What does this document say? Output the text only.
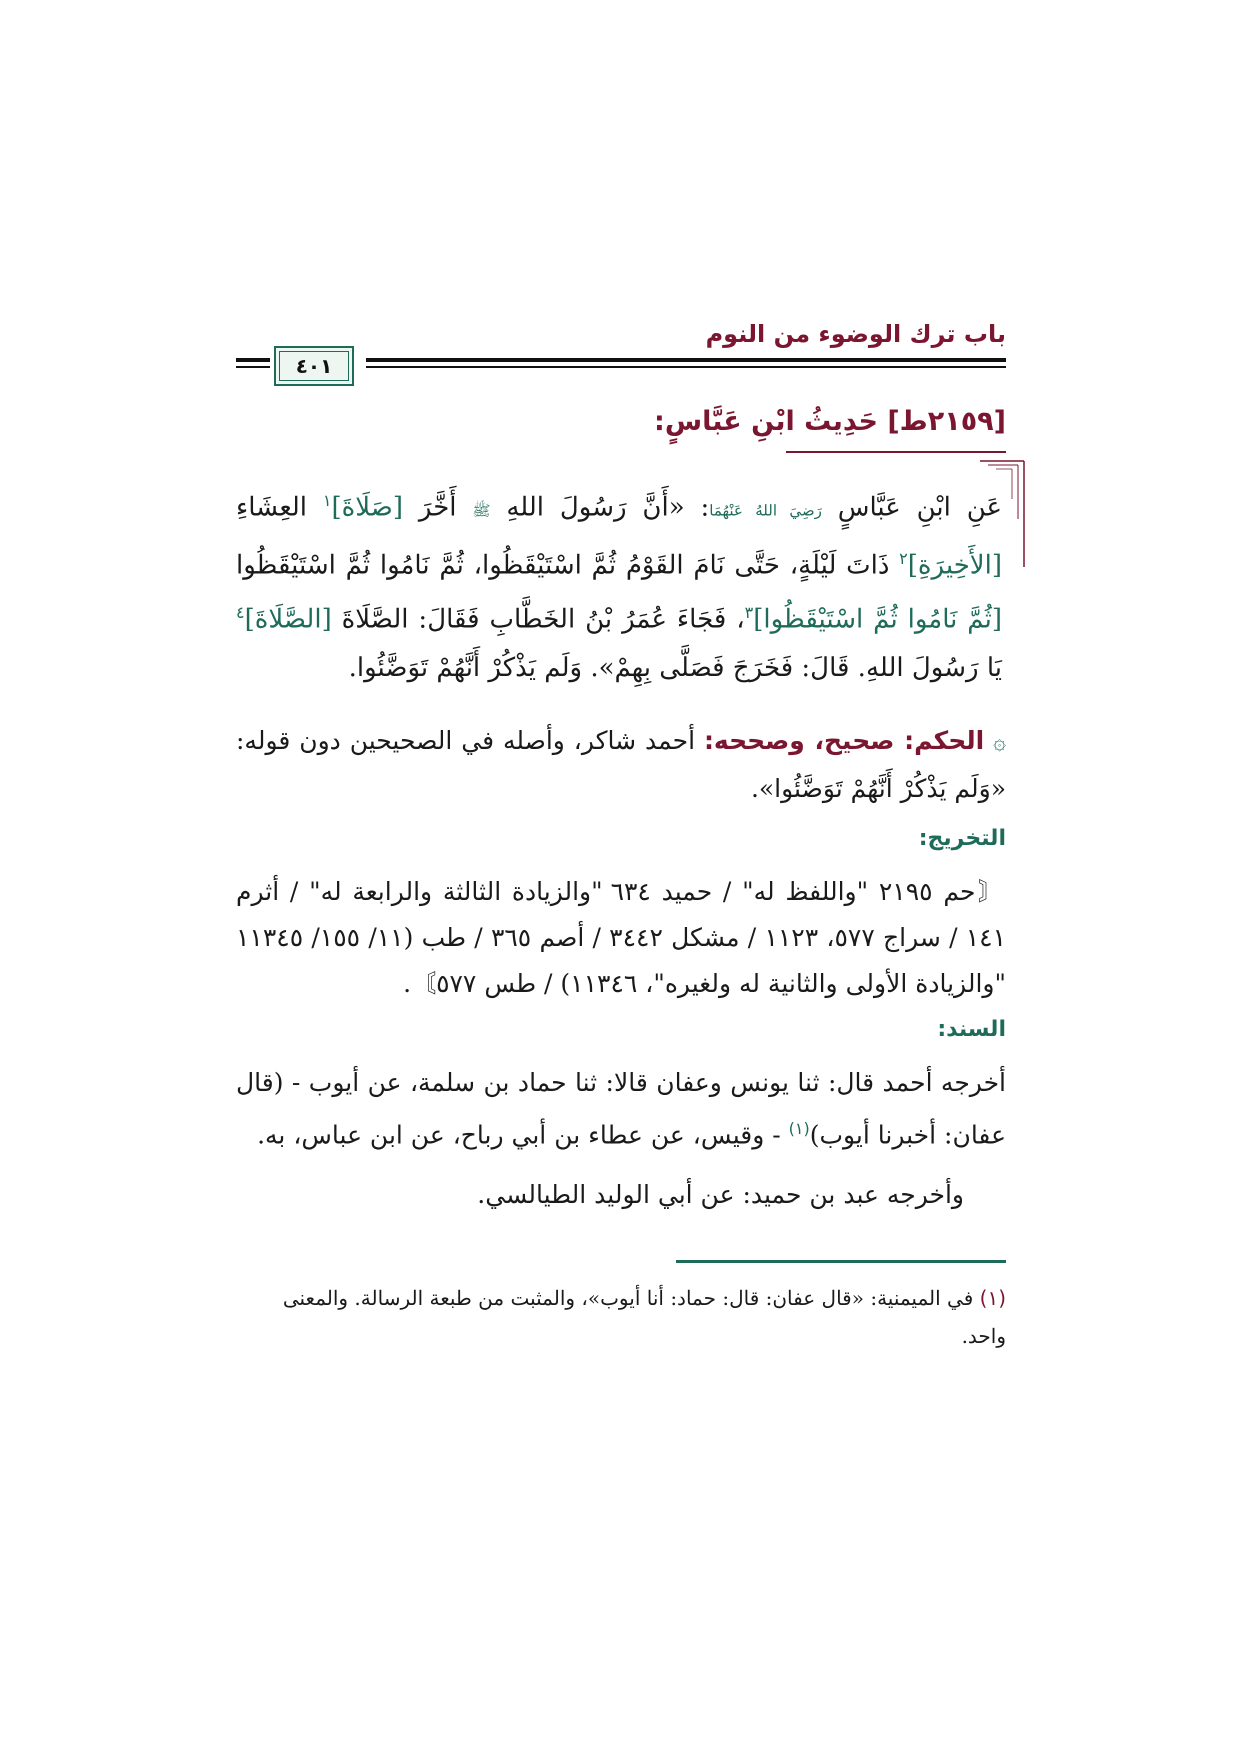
باب ترك الوضوء من النوم
٤٠١
[٢١٥٩ط] حَدِيثُ ابْنِ عَبَّاسٍ:
عَنِ ابْنِ عَبَّاسٍ رَضِيَ اللهُ عَنْهُمَا: «أَنَّ رَسُولَ اللهِ ﷺ أَخَّرَ [صَلَاةَ]$^١$ العِشَاءِ [الأَخِيرَةِ]$^٢$ ذَاتَ لَيْلَةٍ، حَتَّى نَامَ القَوْمُ ثُمَّ اسْتَيْقَظُوا، ثُمَّ نَامُوا ثُمَّ اسْتَيْقَظُوا [ثُمَّ نَامُوا ثُمَّ اسْتَيْقَظُوا]$^٣$، فَجَاءَ عُمَرُ بْنُ الخَطَّابِ فَقَالَ: الصَّلَاةَ [الصَّلَاةَ]$^٤$ يَا رَسُولَ اللهِ. قَالَ: فَخَرَجَ فَصَلَّى بِهِمْ». وَلَم يَذْكُرْ أَنَّهُمْ تَوَضَّئُوا.
۞ الحكم: صحيح، وصححه: أحمد شاكر، وأصله في الصحيحين دون قوله: «وَلَم يَذْكُرْ أَنَّهُمْ تَوَضَّئُوا».
التخريج:
〘حم ٢١٩٥ "واللفظ له" / حميد ٦٣٤ "والزيادة الثالثة والرابعة له" / أثرم ١٤١ / سراج ٥٧٧، ١١٢٣ / مشكل ٣٤٤٢ / أصم ٣٦٥ / طب (١١/ ١٥٥/ ١١٣٤٥ "والزيادة الأولى والثانية له ولغيره"، ١١٣٤٦) / طس ٥٧٧〙.
السند:
أخرجه أحمد قال: ثنا يونس وعفان قالا: ثنا حماد بن سلمة، عن أيوب - (قال عفان: أخبرنا أيوب)$^{(١)}$ - وقيس، عن عطاء بن أبي رباح، عن ابن عباس، به.
وأخرجه عبد بن حميد: عن أبي الوليد الطيالسي.
(١) في الميمنية: «قال عفان: قال: حماد: أنا أيوب»، والمثبت من طبعة الرسالة. والمعنى واحد.
